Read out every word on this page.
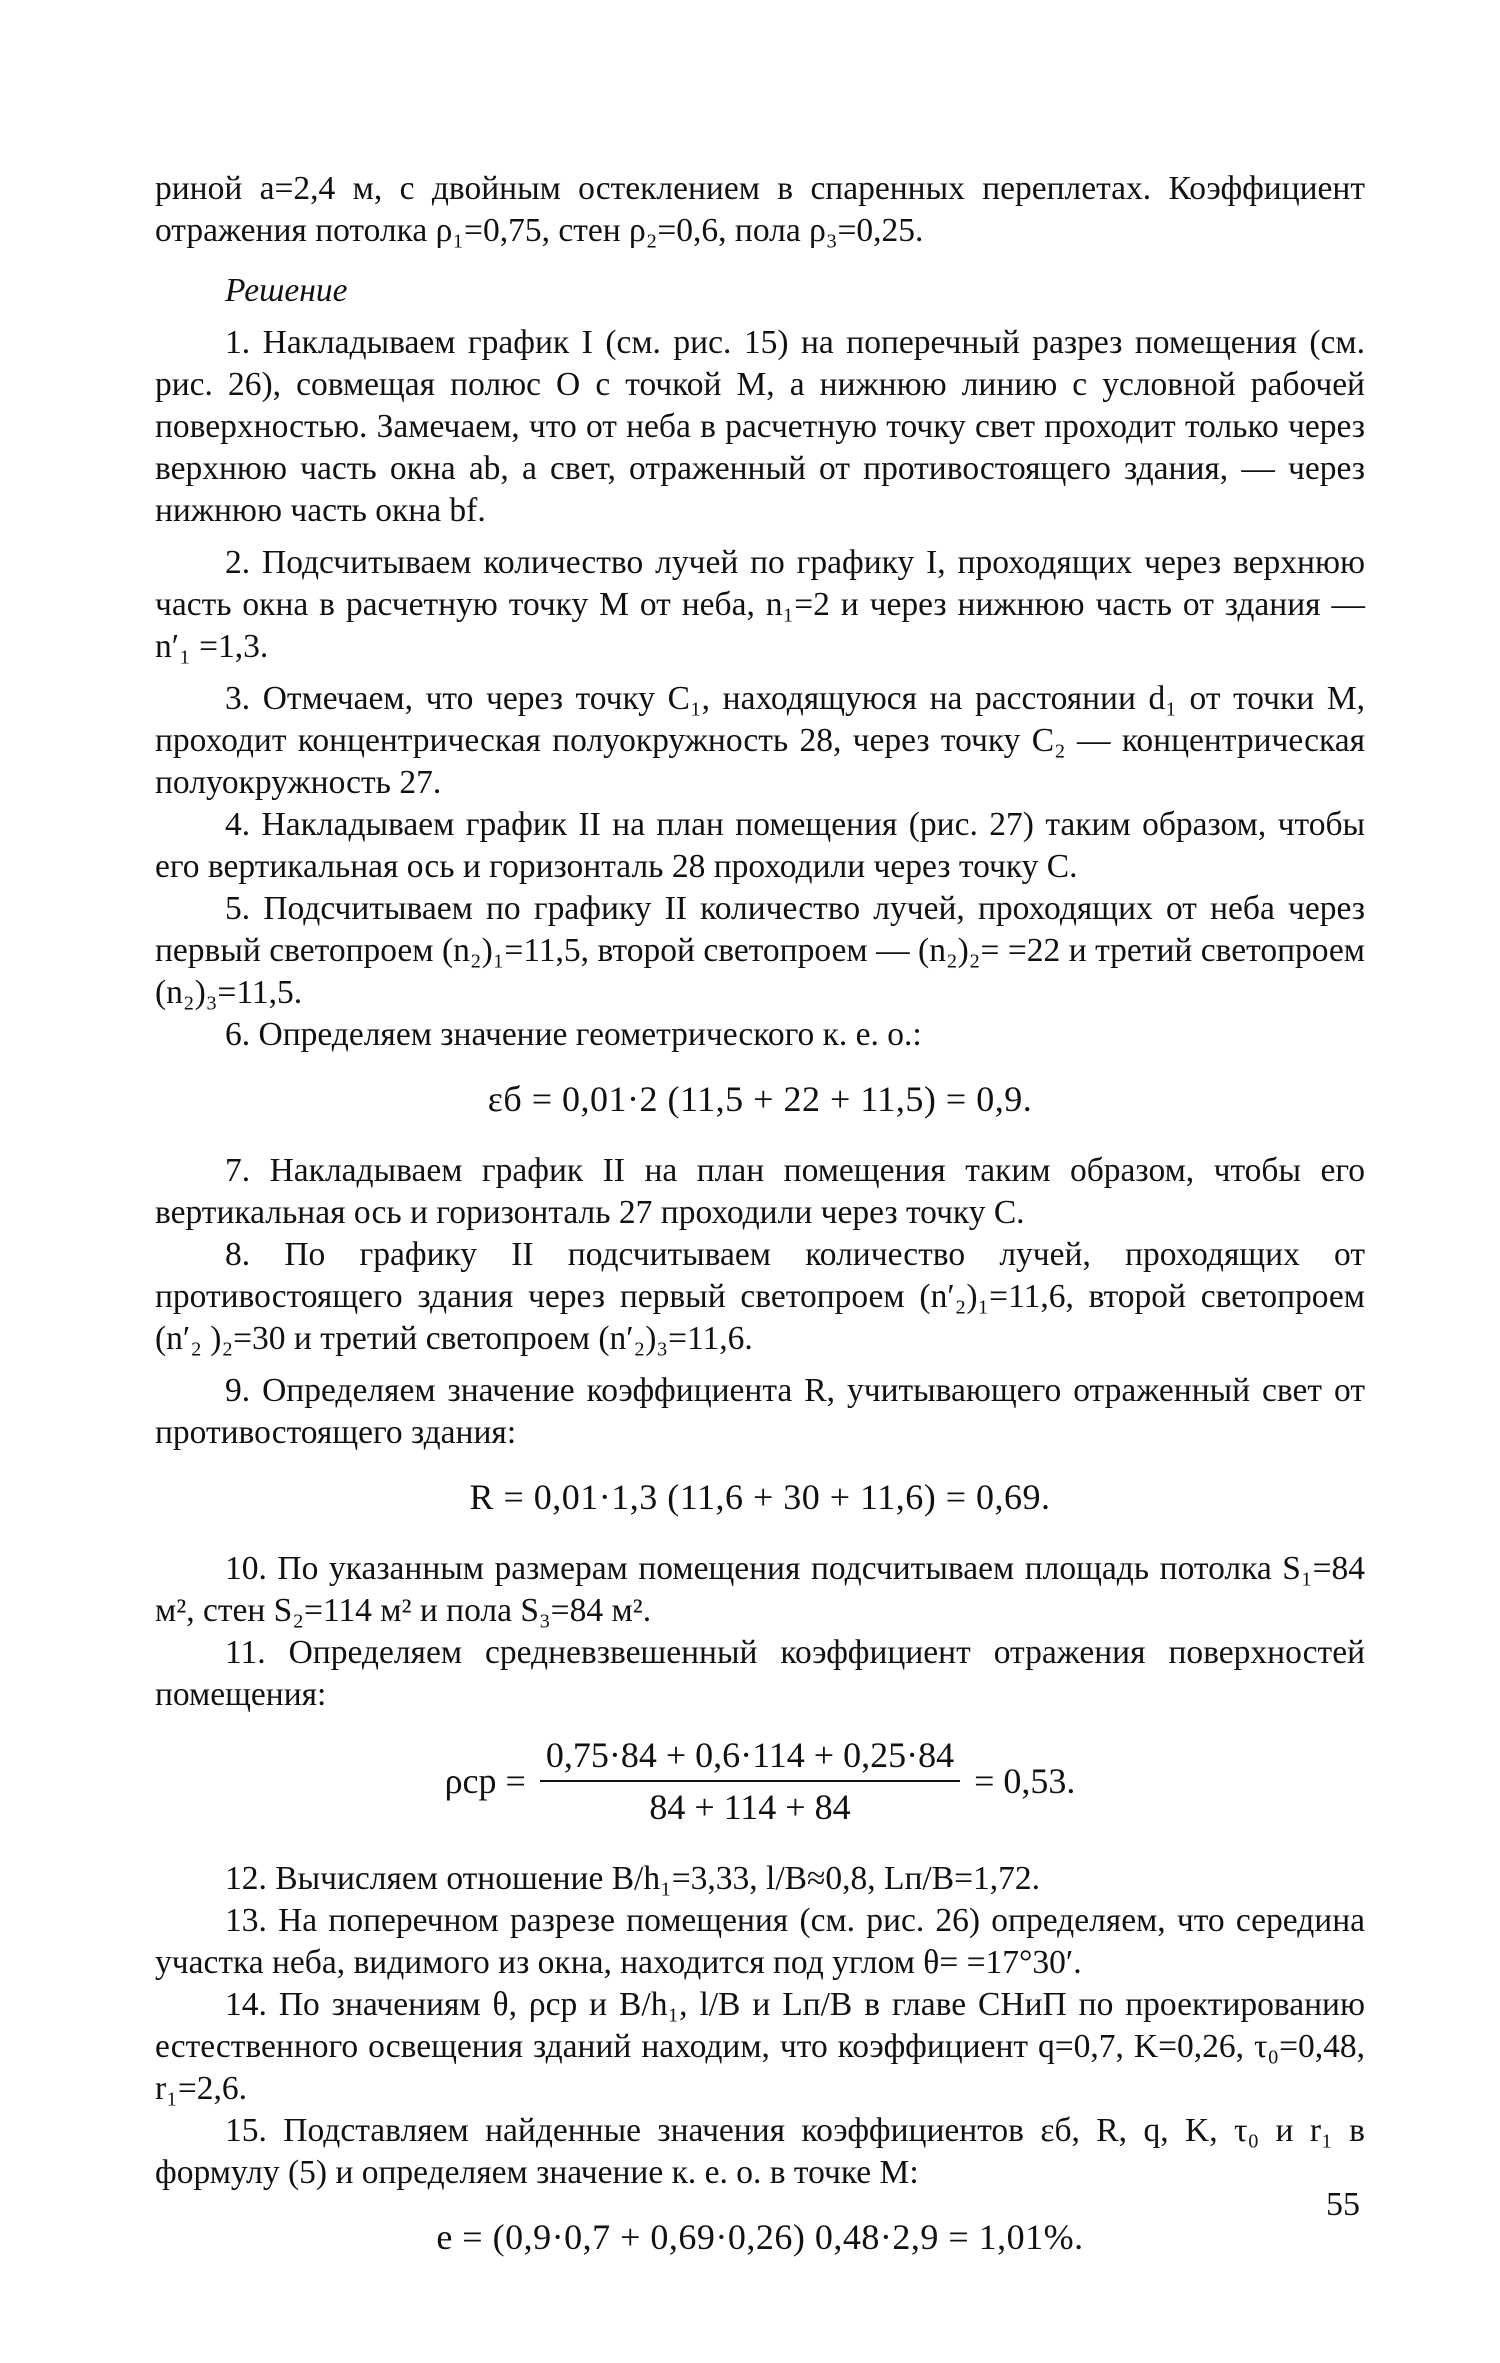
риной a=2,4 м, с двойным остеклением в спаренных переплетах. Коэффициент отражения потолка ρ₁=0,75, стен ρ₂=0,6, пола ρ₃=0,25.

Решение

1. Накладываем график I (см. рис. 15) на поперечный разрез помещения (см. рис. 26), совмещая полюс O с точкой M, а нижнюю линию с условной рабочей поверхностью. Замечаем, что от неба в расчетную точку свет проходит только через верхнюю часть окна ab, а свет, отраженный от противостоящего здания, — через нижнюю часть окна bf.

2. Подсчитываем количество лучей по графику I, проходящих через верхнюю часть окна в расчетную точку M от неба, n₁=2 и через нижнюю часть от здания — n′₁ =1,3.

3. Отмечаем, что через точку C₁, находящуюся на расстоянии d₁ от точки M, проходит концентрическая полуокружность 28, через точку C₂ — концентрическая полуокружность 27.

4. Накладываем график II на план помещения (рис. 27) таким образом, чтобы его вертикальная ось и горизонталь 28 проходили через точку C.

5. Подсчитываем по графику II количество лучей, проходящих от неба через первый светопроем (n₂)₁=11,5, второй светопроем — (n₂)₂= =22 и третий светопроем (n₂)₃=11,5.

6. Определяем значение геометрического к. е. о.:

εб = 0,01·2 (11,5 + 22 + 11,5) = 0,9.

7. Накладываем график II на план помещения таким образом, чтобы его вертикальная ось и горизонталь 27 проходили через точку C.

8. По графику II подсчитываем количество лучей, проходящих от противостоящего здания через первый светопроем (n′₂)₁=11,6, второй светопроем (n′₂ )₂=30 и третий светопроем (n′₂)₃=11,6.

9. Определяем значение коэффициента R, учитывающего отраженный свет от противостоящего здания:

R = 0,01·1,3 (11,6 + 30 + 11,6) = 0,69.

10. По указанным размерам помещения подсчитываем площадь потолка S₁=84 м², стен S₂=114 м² и пола S₃=84 м².

11. Определяем средневзвешенный коэффициент отражения поверхностей помещения:

$\rho ср = \frac{0,75\cdot 84 + 0,6\cdot 114 + 0,25\cdot 84}{84 + 114 + 84} = 0,53$.

12. Вычисляем отношение B/h₁=3,33, l/B≈0,8, Lп/B=1,72.

13. На поперечном разрезе помещения (см. рис. 26) определяем, что середина участка неба, видимого из окна, находится под углом θ= =17°30′.

14. По значениям θ, ρср и B/h₁, l/B и Lп/B в главе СНиП по проектированию естественного освещения зданий находим, что коэффициент q=0,7, K=0,26, τ₀=0,48, r₁=2,6.

15. Подставляем найденные значения коэффициентов εб, R, q, K, τ₀ и r₁ в формулу (5) и определяем значение к. е. о. в точке M:

e = (0,9·0,7 + 0,69·0,26) 0,48·2,9 = 1,01%.
55
